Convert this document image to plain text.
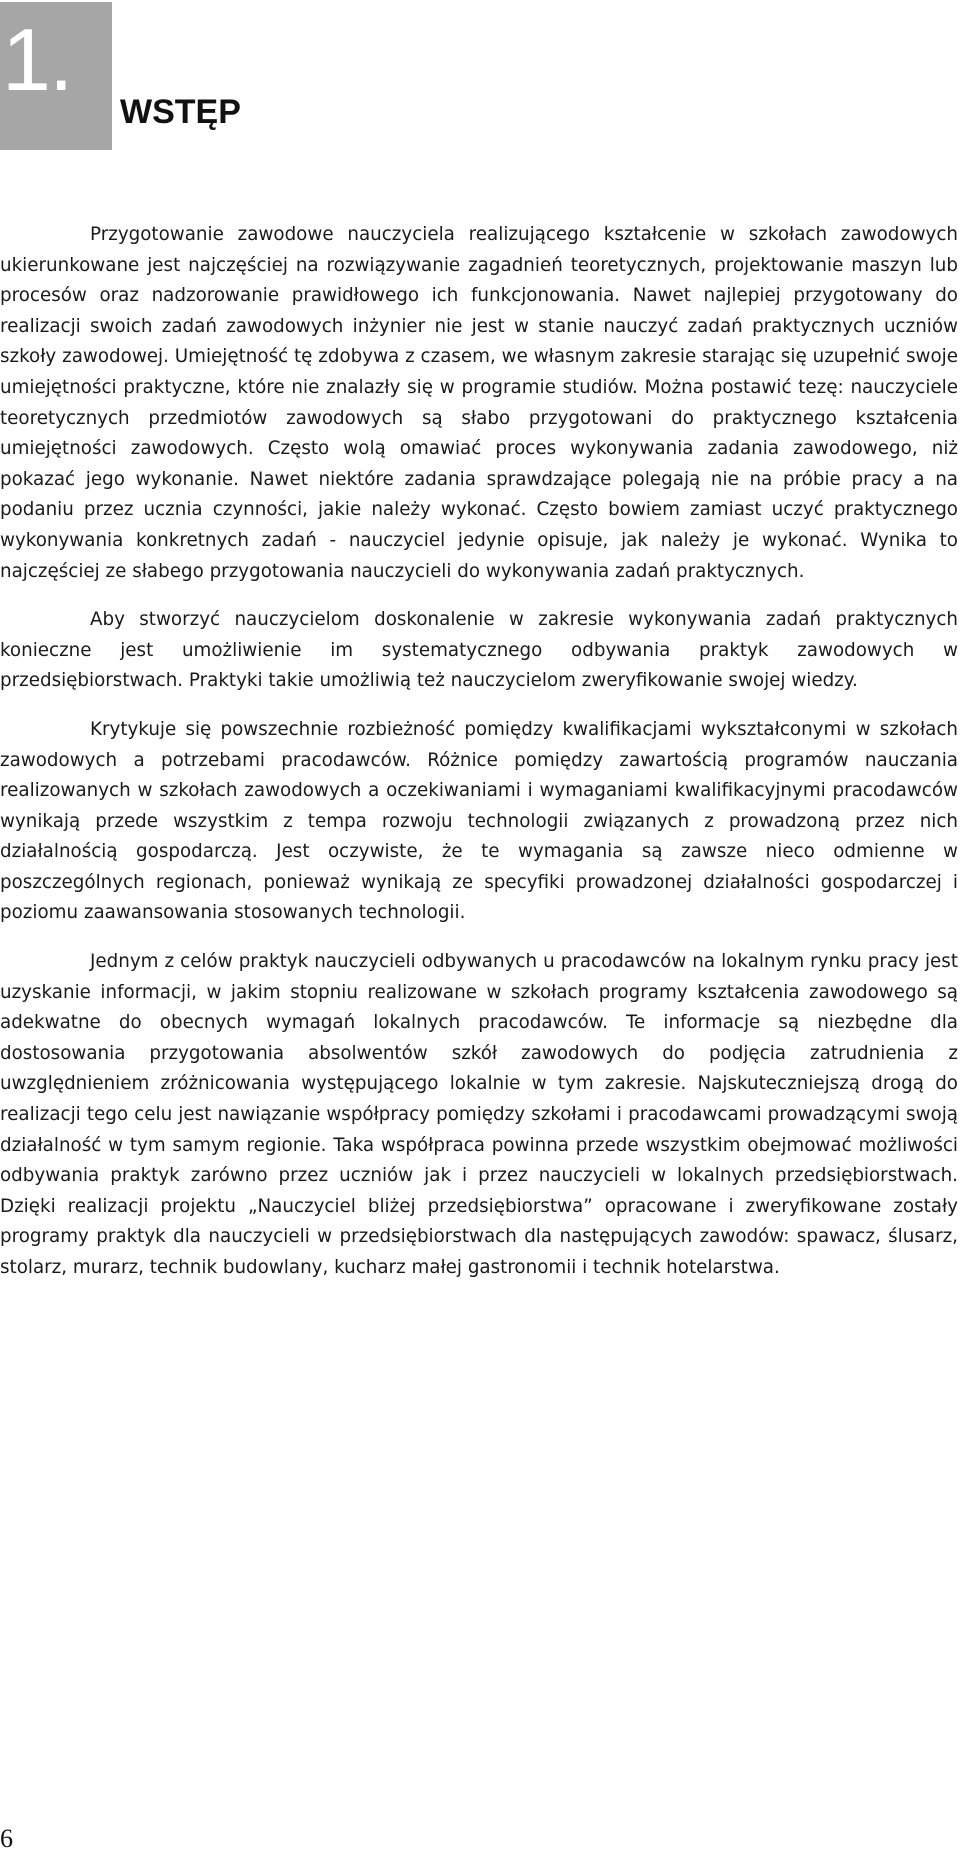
1.
WSTĘP

Przygotowanie zawodowe nauczyciela realizującego kształcenie w szkołach zawodowych ukierunkowane jest najczęściej na rozwiązywanie zagadnień teoretycznych, projektowanie maszyn lub procesów oraz nadzorowanie prawidłowego ich funkcjonowania. Nawet najlepiej przygotowany do realizacji swoich zadań zawodowych inżynier nie jest w stanie nauczyć zadań praktycznych uczniów szkoły zawodowej. Umiejętność tę zdobywa z czasem, we własnym zakresie starając się uzupełnić swoje umiejętności praktyczne, które nie znalazły się w programie studiów. Można postawić tezę: nauczyciele teoretycznych przedmiotów zawodowych są słabo przygotowani do praktycznego kształcenia umiejętności zawodowych. Często wolą omawiać proces wykonywania zadania zawodowego, niż pokazać jego wykonanie. Nawet niektóre zadania sprawdzające polegają nie na próbie pracy a na podaniu przez ucznia czynności, jakie należy wykonać. Często bowiem zamiast uczyć praktycznego wykonywania konkretnych zadań - nauczyciel jedynie opisuje, jak należy je wykonać. Wynika to najczęściej ze słabego przygotowania nauczycieli do wykonywania zadań praktycznych.

Aby stworzyć nauczycielom doskonalenie w zakresie wykonywania zadań praktycznych konieczne jest umożliwienie im systematycznego odbywania praktyk zawodowych w przedsiębiorstwach. Praktyki takie umożliwią też nauczycielom zweryfikowanie swojej wiedzy.

Krytykuje się powszechnie rozbieżność pomiędzy kwalifikacjami wykształconymi w szkołach zawodowych a potrzebami pracodawców. Różnice pomiędzy zawartością programów nauczania realizowanych w szkołach zawodowych a oczekiwaniami i wymaganiami kwalifikacyjnymi pracodawców wynikają przede wszystkim z tempa rozwoju technologii związanych z prowadzoną przez nich działalnością gospodarczą. Jest oczywiste, że te wymagania są zawsze nieco odmienne w poszczególnych regionach, ponieważ wynikają ze specyfiki prowadzonej działalności gospodarczej i poziomu zaawansowania stosowanych technologii.

Jednym z celów praktyk nauczycieli odbywanych u pracodawców na lokalnym rynku pracy jest uzyskanie informacji, w jakim stopniu realizowane w szkołach programy kształcenia zawodowego są adekwatne do obecnych wymagań lokalnych pracodawców. Te informacje są niezbędne dla dostosowania przygotowania absolwentów szkół zawodowych do podjęcia zatrudnienia z uwzględnieniem zróżnicowania występującego lokalnie w tym zakresie. Najskuteczniejszą drogą do realizacji tego celu jest nawiązanie współpracy pomiędzy szkołami i pracodawcami prowadzącymi swoją działalność w tym samym regionie. Taka współpraca powinna przede wszystkim obejmować możliwości odbywania praktyk zarówno przez uczniów jak i przez nauczycieli w lokalnych przedsiębiorstwach. Dzięki realizacji projektu „Nauczyciel bliżej przedsiębiorstwa” opracowane i zweryfikowane zostały programy praktyk dla nauczycieli w przedsiębiorstwach dla następujących zawodów: spawacz, ślusarz, stolarz, murarz, technik budowlany, kucharz małej gastronomii i technik hotelarstwa.

6
